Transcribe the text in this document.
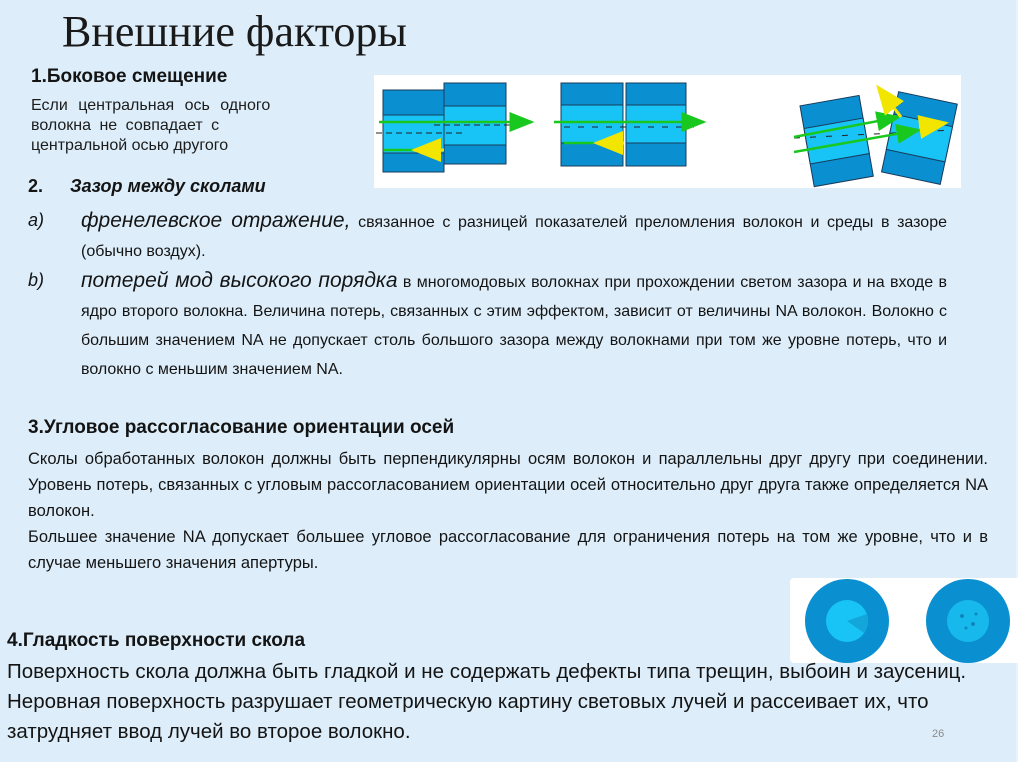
Внешние факторы
1.Боковое смещение
Если центральная ось одного
волокна не совпадает с
центральной осью другого
2. Зазор между сколами
a) френелевское отражение, связанное с разницей показателей преломления волокон и среды в зазоре (обычно воздух).
b) потерей мод высокого порядка в многомодовых волокнах при прохождении светом зазора и на входе в ядро второго волокна. Величина потерь, связанных с этим эффектом, зависит от величины NA волокон. Волокно с большим значением NA не допускает столь большого зазора между волокнами при том же уровне потерь, что и волокно с меньшим значением NA.
3.Угловое рассогласование ориентации осей
Сколы обработанных волокон должны быть перпендикулярны осям волокон и параллельны друг другу при соединении. Уровень потерь, связанных с угловым рассогласованием ориентации осей относительно друг друга также определяется NA волокон.
Большее значение NA допускает большее угловое рассогласование для ограничения потерь на том же уровне, что и в случае меньшего значения апертуры.
4.Гладкость поверхности скола
Поверхность скола должна быть гладкой и не содержать дефекты типа трещин, выбоин и заусениц. Неровная поверхность разрушает геометрическую картину световых лучей и рассеивает их, что затрудняет ввод лучей во второе волокно.	26
